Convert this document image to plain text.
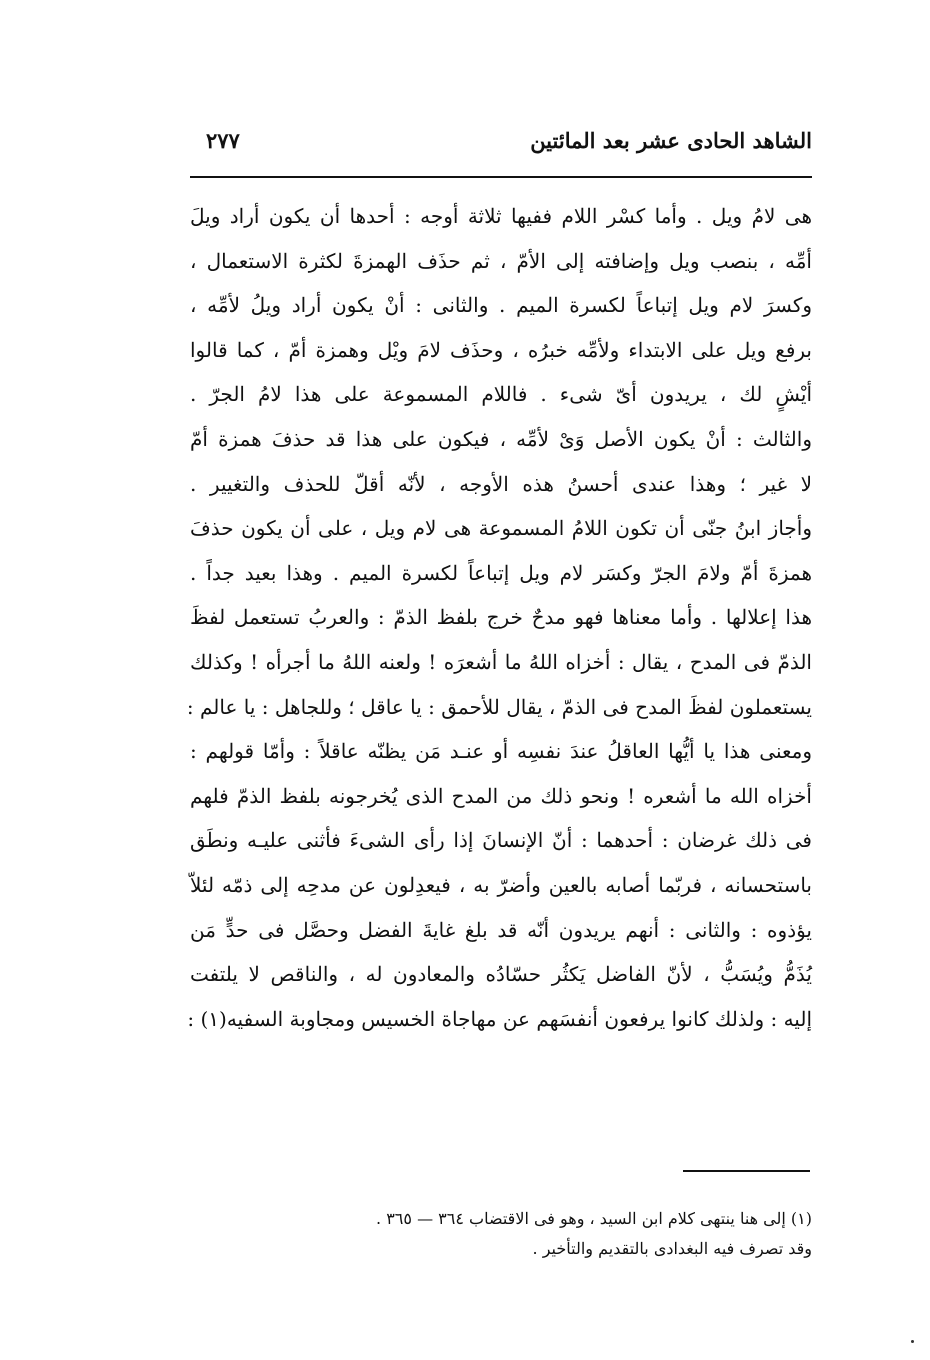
الشاهد الحادى عشر بعد المائتين
٢٧٧
هى لامُ ويل . وأما كسْر اللام ففيها ثلاثة أوجه : أحدها أن يكون أراد ويلَ
أمِّه ، بنصب ويل وإضافته إلى الأمّ ، ثم حذَف الهمزةَ لكثرة الاستعمال ،
وكسرَ لام ويل إتباعاً لكسرة الميم . والثانى : أنْ يكون أراد ويلُ لأمِّه ،
برفع ويل على الابتداء ولأمِّه خبرُه ، وحذَف لامَ ويْل وهمزة أمّ ، كما قالوا
أيْشٍ لك ، يريدون أىّ شىء . فاللام المسموعة على هذا لامُ الجرّ .
والثالث : أنْ يكون الأصل وَىْ لأمِّه ، فيكون على هذا قد حذفَ همزة أمّ
لا غير ؛ وهذا عندى أحسنُ هذه الأوجه ، لأنّه أقلّ للحذف والتغيير .
وأجاز ابنُ جنّى أن تكون اللامُ المسموعة هى لام ويل ، على أن يكون حذفَ
همزةَ أمّ ولامَ الجرّ وكسَر لام ويل إتباعاً لكسرة الميم . وهذا بعيد جداً .
هذا إعلالها . وأما معناها فهو مدحٌ خرج بلفظ الذمّ : والعربُ تستعمل لفظَ
الذمّ فى المدح ، يقال : أخزاه اللهُ ما أشعرَه ! ولعنه اللهُ ما أجرأه ! وكذلك
يستعملون لفظَ المدح فى الذمّ ، يقال للأحمق : يا عاقل ؛ وللجاهل : يا عالم :
ومعنى هذا يا أيُّها العاقلُ عندَ نفسِه أو عنـد مَن يظنّه عاقلاً : وأمّا قولهم :
أخزاه الله ما أشعره ! ونحو ذلك من المدح الذى يُخرجونه بلفظ الذمّ فلهم
فى ذلك غرضان : أحدهما : أنّ الإنسانَ إذا رأى الشىءَ فأثنى عليـه ونطَق
باستحسانه ، فربّما أصابه بالعين وأضرّ به ، فيعدِلون عن مدحِه إلى ذمّه لئلاّ
يؤذوه : والثانى : أنهم يريدون أنّه قد بلغ غايةَ الفضل وحصَّل فى حدٍّ مَن
يُذَمُّ ويُسَبُّ ، لأنّ الفاضل يَكثُر حسّادُه والمعادون له ، والناقص لا يلتفت
إليه : ولذلك كانوا يرفعون أنفسَهم عن مهاجاة الخسيس ومجاوبة السفيه(١) :
(١) إلى هنا ينتهى كلام ابن السيد ، وهو فى الاقتضاب ٣٦٤ — ٣٦٥ .
وقد تصرف فيه البغدادى بالتقديم والتأخير .
